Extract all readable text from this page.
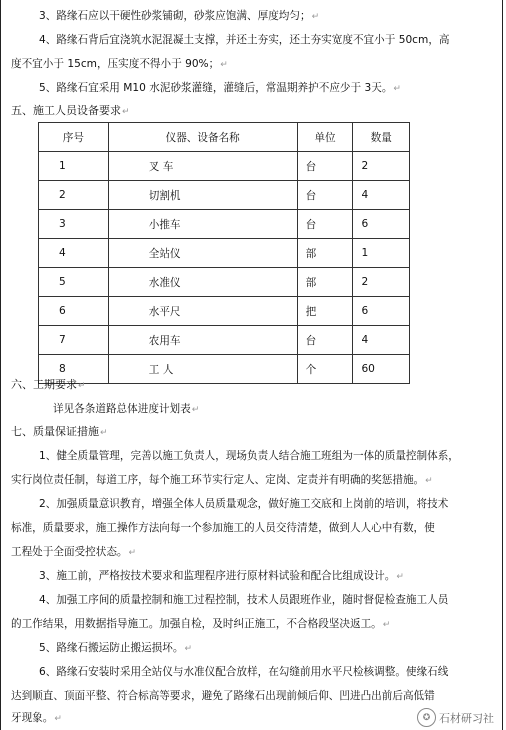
3、路缘石应以干硬性砂浆铺砌，砂浆应饱满、厚度均匀；↵
4、路缘石背后宜浇筑水泥混凝土支撑，并还土夯实，还土夯实宽度不宜小于 50cm，高
度不宜小于 15cm，压实度不得小于 90%；↵
5、路缘石宜采用 M10 水泥砂浆灌缝，灌缝后，常温期养护不应少于 3天。↵
五、施工人员设备要求↵
序号	仪器、设备名称	单位	数量
1	叉 车	台	2
2	切割机	台	4
3	小推车	台	6
4	全站仪	部	1
5	水准仪	部	2
6	水平尺	把	6
7	农用车	台	4
8	工 人	个	60
六、工期要求↵
详见各条道路总体进度计划表↵
七、质量保证措施↵
1、健全质量管理，完善以施工负责人，现场负责人结合施工班组为一体的质量控制体系，
实行岗位责任制，每道工序，每个施工环节实行定人、定岗、定责并有明确的奖惩措施。↵
2、加强质量意识教育，增强全体人员质量观念，做好施工交底和上岗前的培训，将技术
标准，质量要求，施工操作方法向每一个参加施工的人员交待清楚，做到人人心中有数，使
工程处于全面受控状态。↵
3、施工前，严格按技术要求和监理程序进行原材料试验和配合比组成设计。↵
4、加强工序间的质量控制和施工过程控制，技术人员跟班作业，随时督促检查施工人员
的工作结果，用数据指导施工。加强自检，及时纠正施工，不合格段坚决返工。↵
5、路缘石搬运防止搬运损坏。↵
6、路缘石安装时采用全站仪与水准仪配合放样，在勾缝前用水平尺检核调整。使缘石线
达到顺直、顶面平整、符合标高等要求，避免了路缘石出现前倾后仰、凹进凸出前后高低错
牙现象。↵	✪ 石材研习社
